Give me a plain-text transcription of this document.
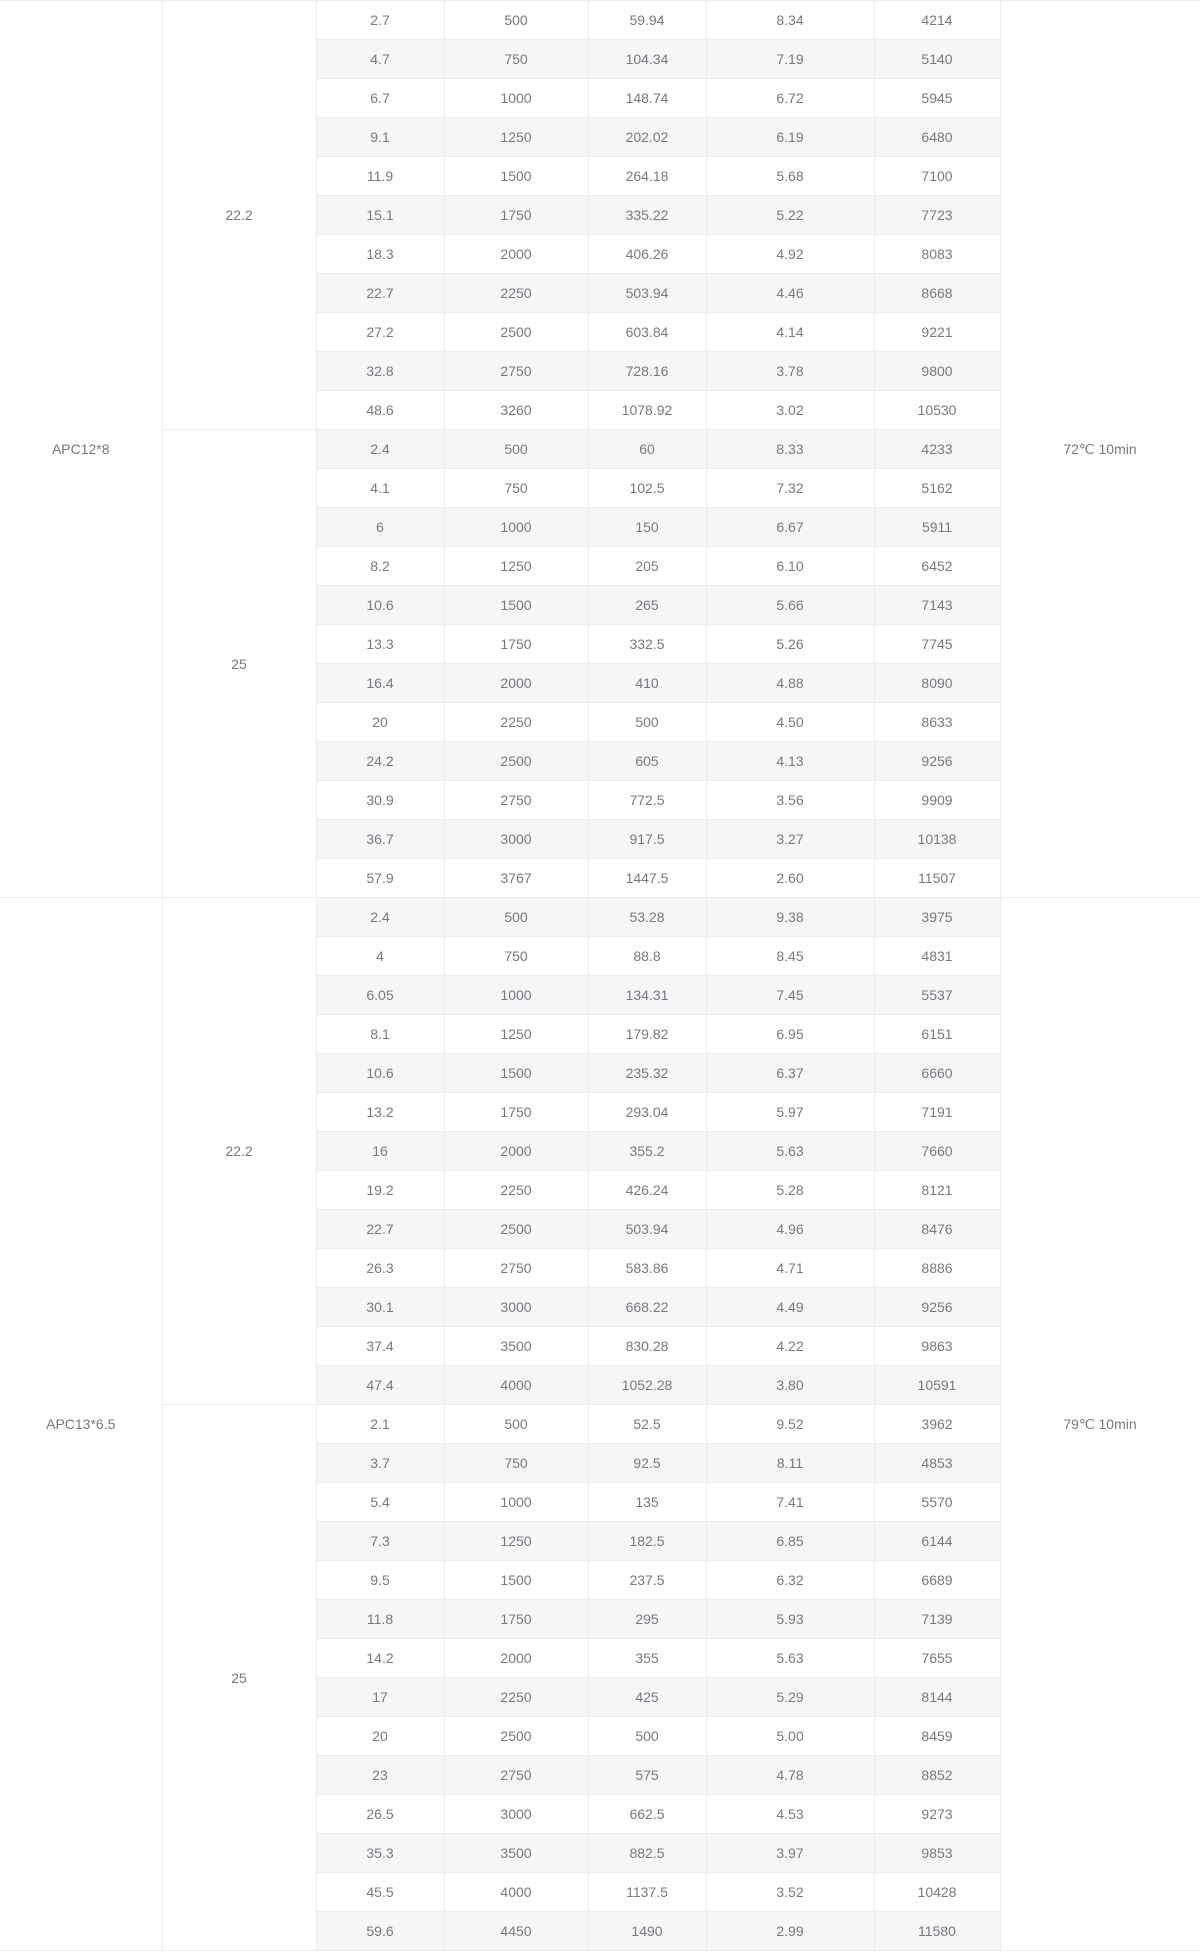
APC12*8	22.2	2.7	500	59.94	8.34	4214	72℃ 10min
		4.7	750	104.34	7.19	5140	
		6.7	1000	148.74	6.72	5945	
		9.1	1250	202.02	6.19	6480	
		11.9	1500	264.18	5.68	7100	
		15.1	1750	335.22	5.22	7723	
		18.3	2000	406.26	4.92	8083	
		22.7	2250	503.94	4.46	8668	
		27.2	2500	603.84	4.14	9221	
		32.8	2750	728.16	3.78	9800	
		48.6	3260	1078.92	3.02	10530	
	25	2.4	500	60	8.33	4233	
		4.1	750	102.5	7.32	5162	
		6	1000	150	6.67	5911	
		8.2	1250	205	6.10	6452	
		10.6	1500	265	5.66	7143	
		13.3	1750	332.5	5.26	7745	
		16.4	2000	410	4.88	8090	
		20	2250	500	4.50	8633	
		24.2	2500	605	4.13	9256	
		30.9	2750	772.5	3.56	9909	
		36.7	3000	917.5	3.27	10138	
		57.9	3767	1447.5	2.60	11507	
APC13*6.5	22.2	2.4	500	53.28	9.38	3975	79℃ 10min
		4	750	88.8	8.45	4831	
		6.05	1000	134.31	7.45	5537	
		8.1	1250	179.82	6.95	6151	
		10.6	1500	235.32	6.37	6660	
		13.2	1750	293.04	5.97	7191	
		16	2000	355.2	5.63	7660	
		19.2	2250	426.24	5.28	8121	
		22.7	2500	503.94	4.96	8476	
		26.3	2750	583.86	4.71	8886	
		30.1	3000	668.22	4.49	9256	
		37.4	3500	830.28	4.22	9863	
		47.4	4000	1052.28	3.80	10591	
	25	2.1	500	52.5	9.52	3962	
		3.7	750	92.5	8.11	4853	
		5.4	1000	135	7.41	5570	
		7.3	1250	182.5	6.85	6144	
		9.5	1500	237.5	6.32	6689	
		11.8	1750	295	5.93	7139	
		14.2	2000	355	5.63	7655	
		17	2250	425	5.29	8144	
		20	2500	500	5.00	8459	
		23	2750	575	4.78	8852	
		26.5	3000	662.5	4.53	9273	
		35.3	3500	882.5	3.97	9853	
		45.5	4000	1137.5	3.52	10428	
		59.6	4450	1490	2.99	11580	
